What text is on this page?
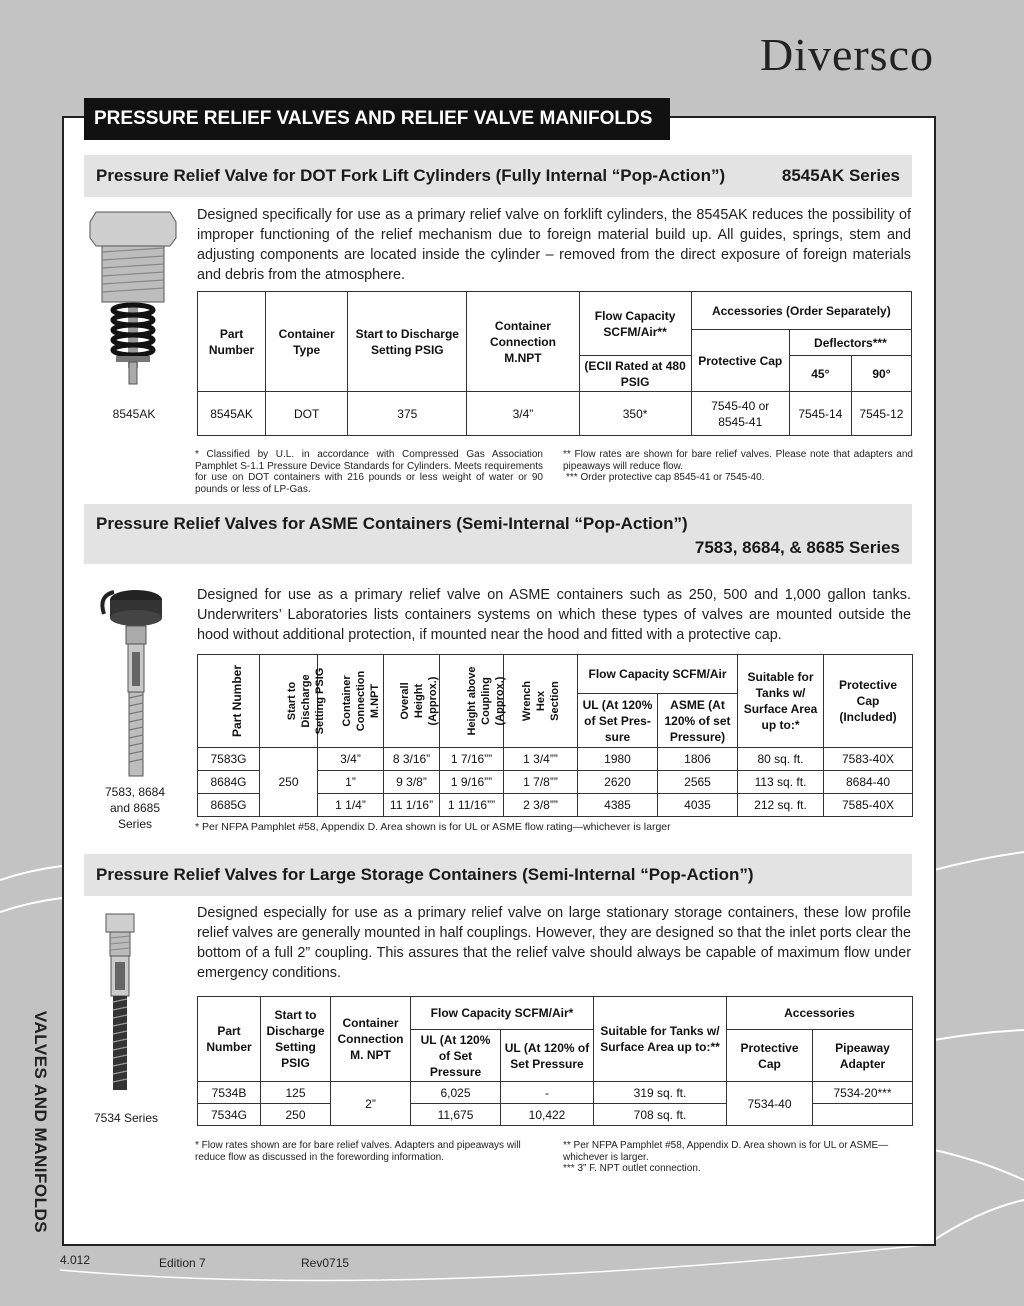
Diversco
PRESSURE RELIEF VALVES AND RELIEF VALVE MANIFOLDS
VALVES AND MANIFOLDS
Pressure Relief Valve for DOT Fork Lift Cylinders (Fully Internal “Pop-Action”)	8545AK Series
8545AK
Designed specifically for use as a primary relief valve on forklift cylinders, the 8545AK reduces the possibility of improper functioning of the relief mechanism due to foreign material build up. All guides, springs, stem and adjusting components are located inside the cylinder – removed from the direct exposure of foreign materials and debris from the atmosphere.
Part Number	Container Type	Start to Discharge Setting PSIG	Container Connection M.NPT	Flow Capacity SCFM/Air**	Accessories (Order Separately)		
					Protective Cap	Deflectors***	
				(ECII Rated at 480 PSIG		45°	90°
8545AK	DOT	375	3/4”	350*	7545-40 or 8545-41	7545-14	7545-12
* Classified by U.L. in accordance with Compressed Gas Association Pamphlet S-1.1 Pressure Device Standards for Cylinders. Meets requirements for use on DOT containers with 216 pounds or less weight of water or 90 pounds or less of LP-Gas.
** Flow rates are shown for bare relief valves. Please note that adapters and pipeaways will reduce flow.
*** Order protective cap 8545-41 or 7545-40.
Pressure Relief Valves for ASME Containers (Semi-Internal “Pop-Action”)
7583, 8684, & 8685 Series
7583, 8684 and 8685 Series
Designed for use as a primary relief valve on ASME containers such as 250, 500 and 1,000 gallon tanks. Underwriters’ Laboratories lists containers systems on which these types of valves are mounted outside the hood without additional protection, if mounted near the hood and fitted with a protective cap.
Part Number	Start to Discharge Setting PSIG	Container Connection M.NPT	Overall Height (Approx.)	Height above Coupling (Approx.)	Wrench Hex Section	Flow Capacity SCFM/Air		Suitable for Tanks w/ Surface Area up to:*	Protective Cap (Included)
						UL (At 120% of Set Pres-sure	ASME (At 120% of set Pressure)		
7583G	250	3/4”	8 3/16”	1 7/16””	1 3/4””	1980	1806	80 sq. ft.	7583-40X
8684G		1”	9 3/8”	1 9/16””	1 7/8””	2620	2565	113 sq. ft.	8684-40
8685G		1 1/4”	11 1/16”	1 11/16””	2 3/8””	4385	4035	212 sq. ft.	7585-40X
* Per NFPA Pamphlet #58, Appendix D. Area shown is for UL or ASME flow rating—whichever is larger
Pressure Relief Valves for Large Storage Containers (Semi-Internal “Pop-Action”)
7534 Series
Designed especially for use as a primary relief valve on large stationary storage containers, these low profile relief valves are generally mounted in half couplings. However, they are designed so that the inlet ports clear the bottom of a full 2” coupling. This assures that the relief valve should always be capable of maximum flow under emergency conditions.
Part Number	Start to Discharge Setting PSIG	Container Connection M. NPT	Flow Capacity SCFM/Air*		Suitable for Tanks w/ Surface Area up to:**	Accessories	
			UL (At 120% of Set Pressure	UL (At 120% of Set Pressure		Protective Cap	Pipeaway Adapter
7534B	125	2”	6,025	-	319 sq. ft.	7534-40	7534-20***
7534G	250		11,675	10,422	708 sq. ft.		
* Flow rates shown are for bare relief valves. Adapters and pipeaways will reduce flow as discussed in the forewording information.
** Per NFPA Pamphlet #58, Appendix D. Area shown is for UL or ASME—whichever is larger.
*** 3” F. NPT outlet connection.
4.012	Edition 7	Rev0715
